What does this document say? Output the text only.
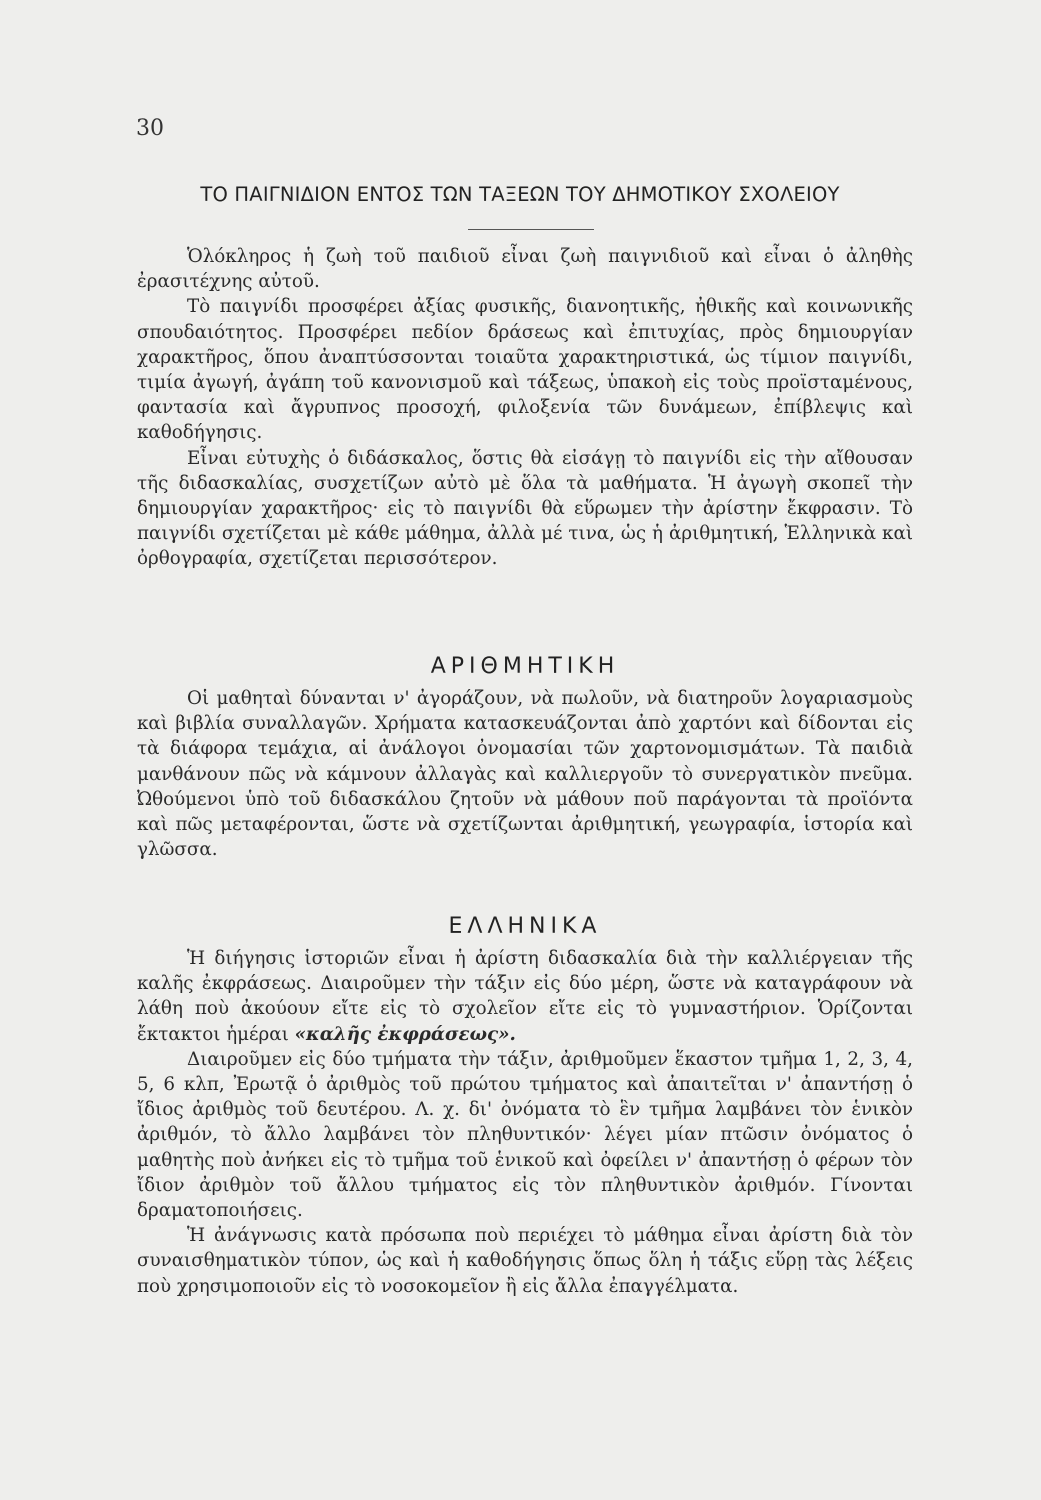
30
ΤΟ ΠΑΙΓΝΙΔΙΟΝ ΕΝΤΟΣ ΤΩΝ ΤΑΞΕΩΝ ΤΟΥ ΔΗΜΟΤΙΚΟΥ ΣΧΟΛΕΙΟΥ

Ὁλόκληρος ἡ ζωὴ τοῦ παιδιοῦ εἶναι ζωὴ παιγνιδιοῦ καὶ εἶναι ὁ ἀληθὴς ἐρασιτέχνης αὐτοῦ.

Τὸ παιγνίδι προσφέρει ἀξίας φυσικῆς, διανοητικῆς, ἠθικῆς καὶ κοινωνικῆς σπουδαιότητος. Προσφέρει πεδίον δράσεως καὶ ἐπιτυχίας, πρὸς δημιουργίαν χαρακτῆρος, ὅπου ἀναπτύσσονται τοιαῦτα χαρακτηριστικά, ὡς τίμιον παιγνίδι, τιμία ἀγωγή, ἀγάπη τοῦ κανονισμοῦ καὶ τάξεως, ὑπακοὴ εἰς τοὺς προϊσταμένους, φαντασία καὶ ἄγρυπνος προσοχή, φιλοξενία τῶν δυνάμεων, ἐπίβλεψις καὶ καθοδήγησις.

Εἶναι εὐτυχὴς ὁ διδάσκαλος, ὅστις θὰ εἰσάγῃ τὸ παιγνίδι εἰς τὴν αἴθουσαν τῆς διδασκαλίας, συσχετίζων αὐτὸ μὲ ὅλα τὰ μαθήματα. Ἡ ἀγωγὴ σκοπεῖ τὴν δημιουργίαν χαρακτῆρος· εἰς τὸ παιγνίδι θὰ εὕρωμεν τὴν ἀρίστην ἔκφρασιν. Τὸ παιγνίδι σχετίζεται μὲ κάθε μάθημα, ἀλλὰ μέ τινα, ὡς ἡ ἀριθμητική, Ἑλληνικὰ καὶ ὀρθογραφία, σχετίζεται περισσότερον.

ΑΡΙΘΜΗΤΙΚΗ

Οἱ μαθηταὶ δύνανται ν' ἀγοράζουν, νὰ πωλοῦν, νὰ διατηροῦν λογαριασμοὺς καὶ βιβλία συναλλαγῶν. Χρήματα κατασκευάζονται ἀπὸ χαρτόνι καὶ δίδονται εἰς τὰ διάφορα τεμάχια, αἱ ἀνάλογοι ὀνομασίαι τῶν χαρτονομισμάτων. Τὰ παιδιὰ μανθάνουν πῶς νὰ κάμνουν ἀλλαγὰς καὶ καλλιεργοῦν τὸ συνεργατικὸν πνεῦμα. Ὠθούμενοι ὑπὸ τοῦ διδασκάλου ζητοῦν νὰ μάθουν ποῦ παράγονται τὰ προϊόντα καὶ πῶς μεταφέρονται, ὥστε νὰ σχετίζωνται ἀριθμητική, γεωγραφία, ἱστορία καὶ γλῶσσα.

ΕΛΛΗΝΙΚΑ

Ἡ διήγησις ἱστοριῶν εἶναι ἡ ἀρίστη διδασκαλία διὰ τὴν καλλιέργειαν τῆς καλῆς ἐκφράσεως. Διαιροῦμεν τὴν τάξιν εἰς δύο μέρη, ὥστε νὰ καταγράφουν νὰ λάθη ποὺ ἀκούουν εἴτε εἰς τὸ σχολεῖον εἴτε εἰς τὸ γυμναστήριον. Ὁρίζονται ἔκτακτοι ἡμέραι «καλῆς ἐκφράσεως».

Διαιροῦμεν εἰς δύο τμήματα τὴν τάξιν, ἀριθμοῦμεν ἕκαστον τμῆμα 1, 2, 3, 4, 5, 6 κλπ, Ἐρωτᾷ ὁ ἀριθμὸς τοῦ πρώτου τμήματος καὶ ἀπαιτεῖται ν' ἀπαντήσῃ ὁ ἴδιος ἀριθμὸς τοῦ δευτέρου. Λ. χ. δι' ὀνόματα τὸ ἓν τμῆμα λαμβάνει τὸν ἑνικὸν ἀριθμόν, τὸ ἄλλο λαμβάνει τὸν πληθυντικόν· λέγει μίαν πτῶσιν ὀνόματος ὁ μαθητὴς ποὺ ἀνήκει εἰς τὸ τμῆμα τοῦ ἑνικοῦ καὶ ὀφείλει ν' ἀπαντήσῃ ὁ φέρων τὸν ἴδιον ἀριθμὸν τοῦ ἄλλου τμήματος εἰς τὸν πληθυντικὸν ἀριθμόν. Γίνονται δραματοποιήσεις.

Ἡ ἀνάγνωσις κατὰ πρόσωπα ποὺ περιέχει τὸ μάθημα εἶναι ἀρίστη διὰ τὸν συναισθηματικὸν τύπον, ὡς καὶ ἡ καθοδήγησις ὅπως ὅλη ἡ τάξις εὕρῃ τὰς λέξεις ποὺ χρησιμοποιοῦν εἰς τὸ νοσοκομεῖον ἢ εἰς ἄλλα ἐπαγγέλματα.
